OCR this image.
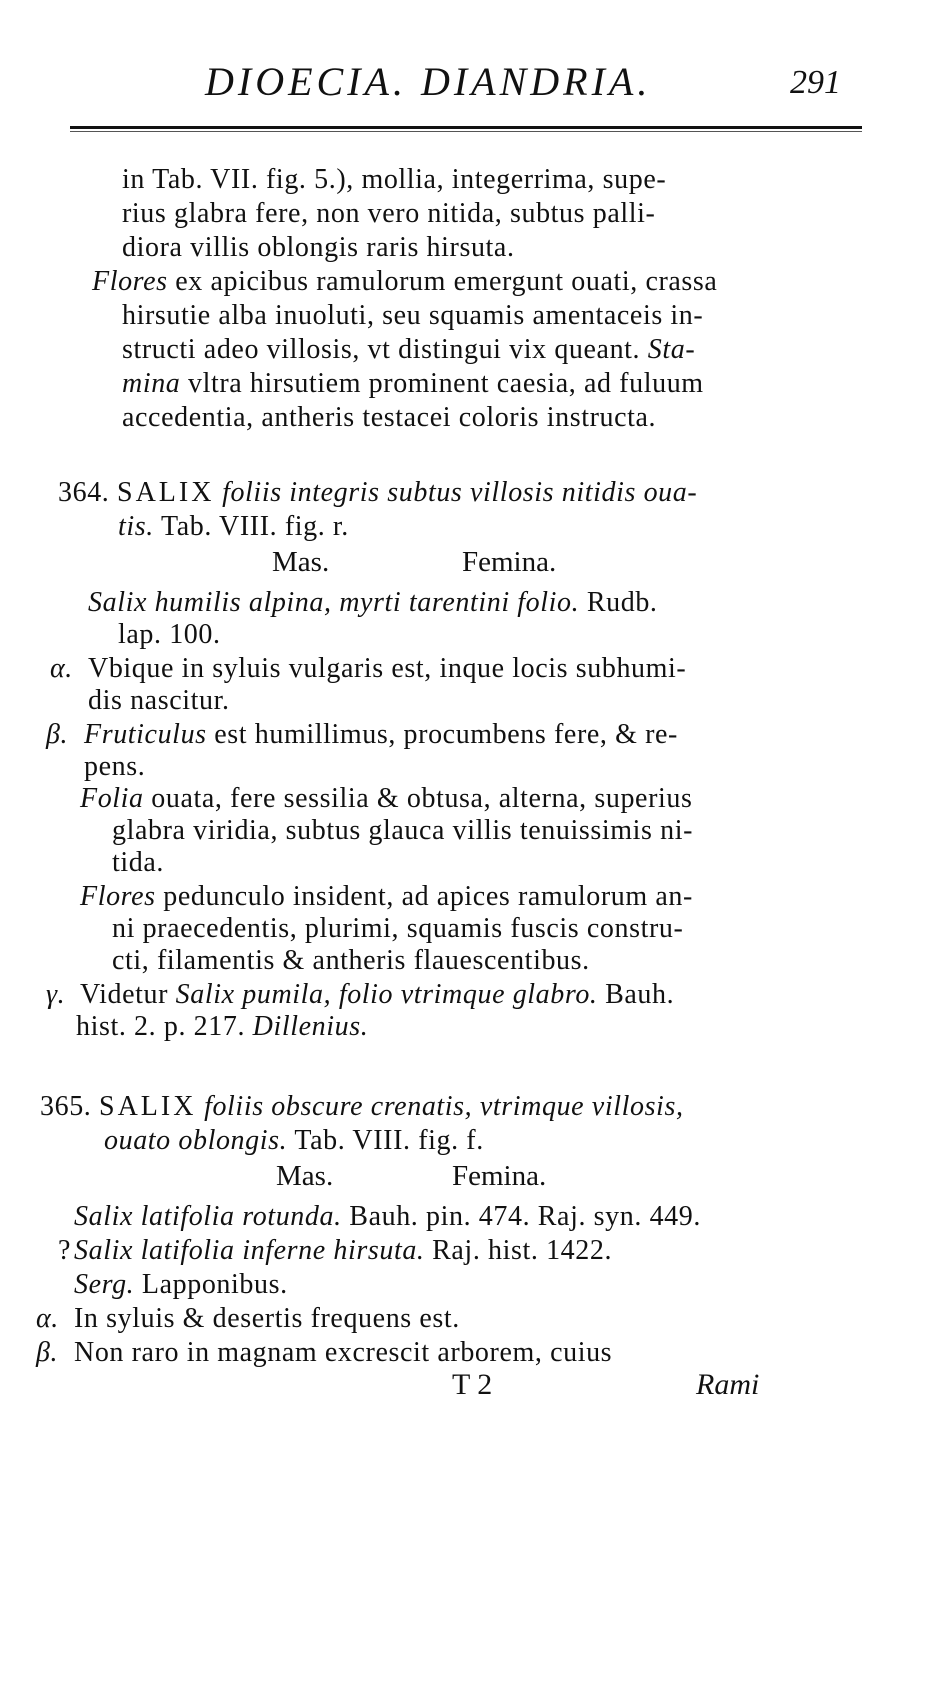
DIOECIA. DIANDRIA.	291
in Tab. VII. fig. 5.), mollia, integerrima, supe-
rius glabra fere, non vero nitida, subtus palli-
diora villis oblongis raris hirsuta.
Flores ex apicibus ramulorum emergunt ouati, crassa
hirsutie alba inuoluti, seu squamis amentaceis in-
structi adeo villosis, vt distingui vix queant. Sta-
mina vltra hirsutiem prominent caesia, ad fuluum
accedentia, antheris testacei coloris instructa.
364. SALIX foliis integris subtus villosis nitidis oua-
tis. Tab. VIII. fig. r.
Mas.	Femina.
Salix humilis alpina, myrti tarentini folio. Rudb.
lap. 100.
α. Vbique in syluis vulgaris est, inque locis subhumi-
dis nascitur.
β. Fruticulus est humillimus, procumbens fere, & re-
pens.
Folia ouata, fere sessilia & obtusa, alterna, superius
glabra viridia, subtus glauca villis tenuissimis ni-
tida.
Flores pedunculo insident, ad apices ramulorum an-
ni praecedentis, plurimi, squamis fuscis constru-
cti, filamentis & antheris flauescentibus.
γ. Videtur Salix pumila, folio vtrimque glabro. Bauh.
hist. 2. p. 217. Dillenius.
365. SALIX foliis obscure crenatis, vtrimque villosis,
ouato oblongis. Tab. VIII. fig. f.
Mas.	Femina.
Salix latifolia rotunda. Bauh. pin. 474. Raj. syn. 449.
? Salix latifolia inferne hirsuta. Raj. hist. 1422.
Serg. Lapponibus.
α. In syluis & desertis frequens est.
β. Non raro in magnam excrescit arborem, cuius
T 2	Rami
